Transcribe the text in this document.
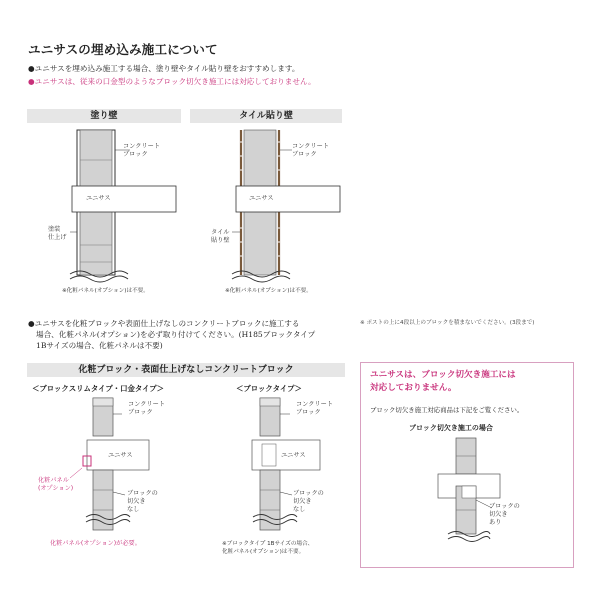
ユニサスの埋め込み施工について
●ユニサスを埋め込み施工する場合、塗り壁やタイル貼り壁をおすすめします。
●ユニサスは、従来の口金型のようなブロック切欠き施工には対応しておりません。
塗り壁	タイル貼り壁
コンクリート
ブロック
ユニサス
塗装
仕上げ
※化粧パネル(オプション)は不要。
コンクリート
ブロック
ユニサス
タイル
貼り壁
※化粧パネル(オプション)は不要。
※ ポストの上に4段以上のブロックを積まないでください。(3段まで)
●ユニサスを化粧ブロックや表面仕上げなしのコンクリートブロックに施工する
場合、化粧パネル(オプション)を必ず取り付けてください。(H185ブロックタイプ
1Bサイズの場合、化粧パネルは不要)
化粧ブロック・表面仕上げなしコンクリートブロック
＜ブロックスリムタイプ・口金タイプ＞
コンクリート
ブロック
ユニサス
化粧パネル
(オプション)
ブロックの
切欠き
なし
化粧パネル(オプション)が必要。
＜ブロックタイプ＞
コンクリート
ブロック
ユニサス
ブロックの
切欠き
なし
※ブロックタイプ 1Bサイズの場合、
化粧パネル(オプション)は不要。
ユニサスは、ブロック切欠き施工には
対応しておりません。
ブロック切欠き施工対応商品は下記をご覧ください。
ブロック切欠き施工の場合
ブロックの
切欠き
あり
